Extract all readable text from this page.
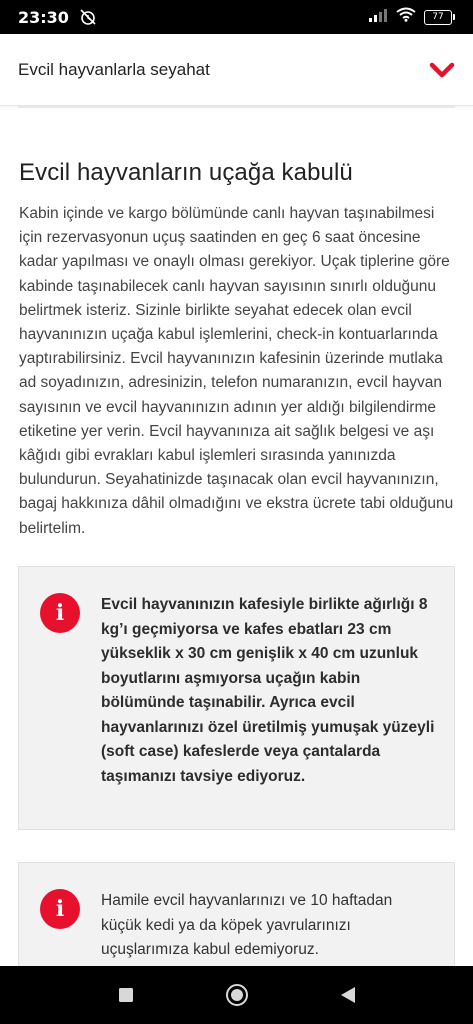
23:30	77
Evcil hayvanlarla seyahat
Evcil hayvanların uçağa kabulü

Kabin içinde ve kargo bölümünde canlı hayvan taşınabilmesi için rezervasyonun uçuş saatinden en geç 6 saat öncesine kadar yapılması ve onaylı olması gerekiyor. Uçak tiplerine göre kabinde taşınabilecek canlı hayvan sayısının sınırlı olduğunu belirtmek isteriz. Sizinle birlikte seyahat edecek olan evcil hayvanınızın uçağa kabul işlemlerini, check-in kontuarlarında yaptırabilirsiniz. Evcil hayvanınızın kafesinin üzerinde mutlaka ad soyadınızın, adresinizin, telefon numaranızın, evcil hayvan sayısının ve evcil hayvanınızın adının yer aldığı bilgilendirme etiketine yer verin. Evcil hayvanınıza ait sağlık belgesi ve aşı kâğıdı gibi evrakları kabul işlemleri sırasında yanınızda bulundurun. Seyahatinizde taşınacak olan evcil hayvanınızın, bagaj hakkınıza dâhil olmadığını ve ekstra ücrete tabi olduğunu belirtelim.

i	Evcil hayvanınızın kafesiyle birlikte ağırlığı 8 kg’ı geçmiyorsa ve kafes ebatları 23 cm yükseklik x 30 cm genişlik x 40 cm uzunluk boyutlarını aşmıyorsa uçağın kabin bölümünde taşınabilir. Ayrıca evcil hayvanlarınızı özel üretilmiş yumuşak yüzeyli (soft case) kafeslerde veya çantalarda taşımanızı tavsiye ediyoruz.
i	Hamile evcil hayvanlarınızı ve 10 haftadan küçük kedi ya da köpek yavrularınızı uçuşlarımıza kabul edemiyoruz.
